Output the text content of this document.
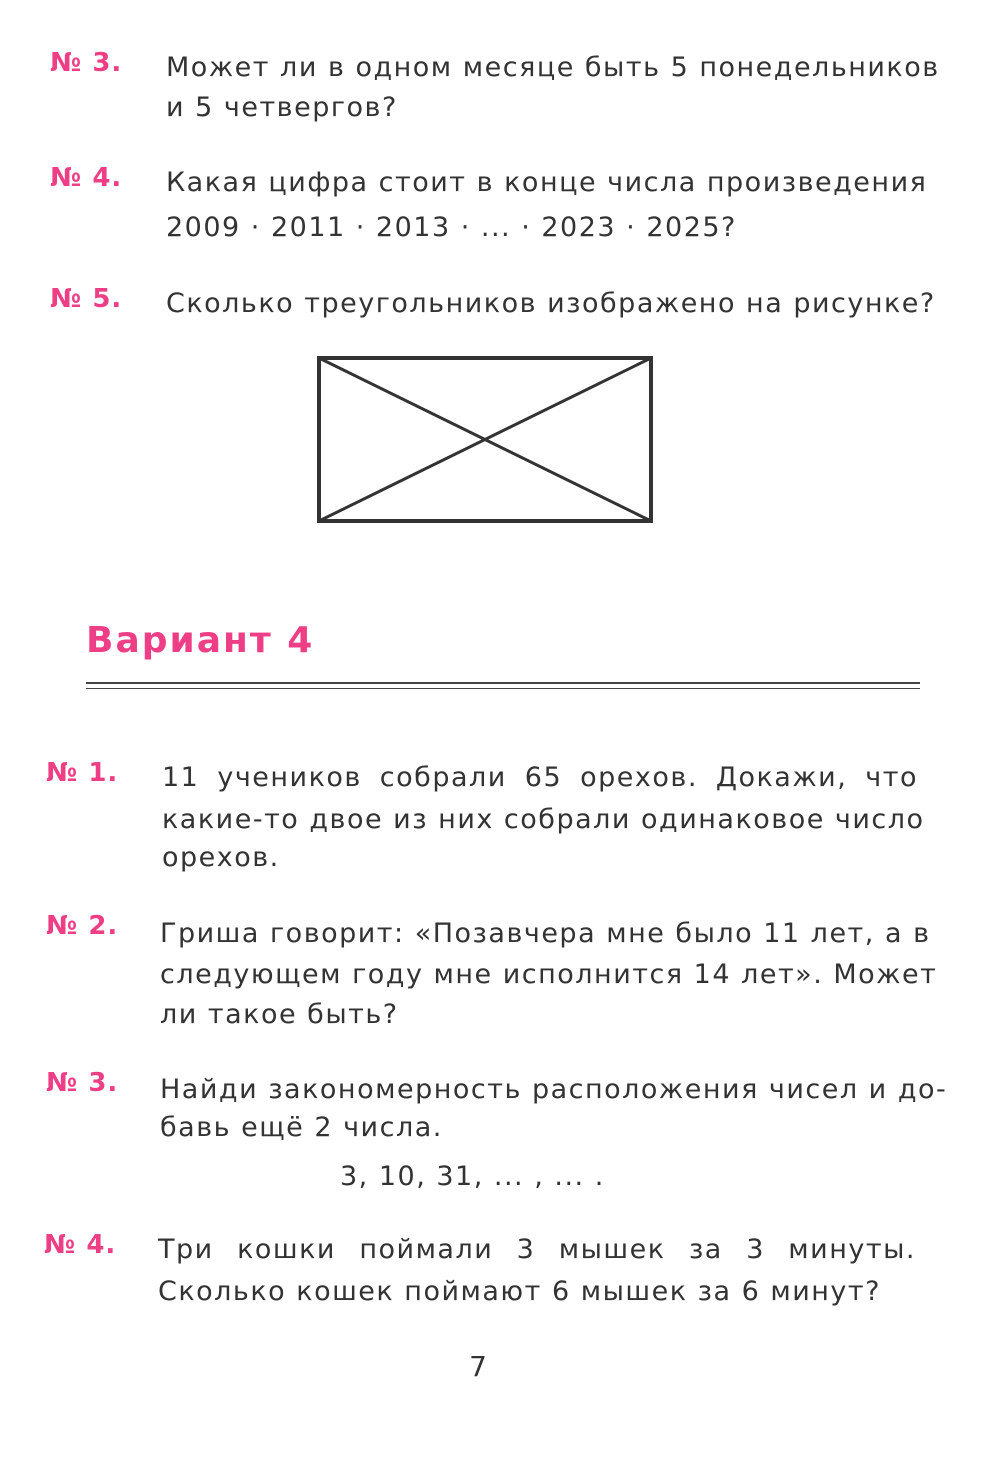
№ 3. Может ли в одном месяце быть 5 понедельников
и 5 четвергов?
№ 4. Какая цифра стоит в конце числа произведения
2009 · 2011 · 2013 · ... · 2023 · 2025?
№ 5. Сколько треугольников изображено на рисунке?
Вариант 4
№ 1. 11 учеников собрали 65 орехов. Докажи, что
какие-то двое из них собрали одинаковое число
орехов.
№ 2. Гриша говорит: «Позавчера мне было 11 лет, а в
следующем году мне исполнится 14 лет». Может
ли такое быть?
№ 3. Найди закономерность расположения чисел и до-
бавь ещё 2 числа.
3, 10, 31, ... , ... .
№ 4. Три кошки поймали 3 мышек за 3 минуты.
Сколько кошек поймают 6 мышек за 6 минут?
7
